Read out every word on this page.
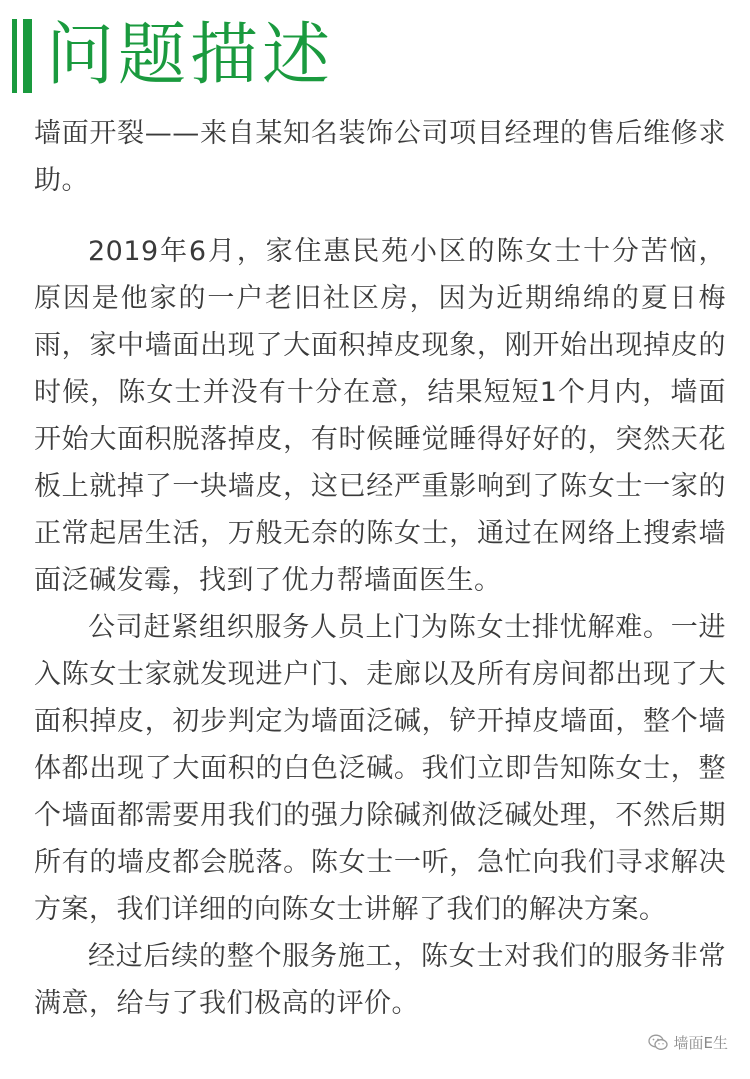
问题描述

墙面开裂——来自某知名装饰公司项目经理的售后维修求助。

2019年6月，家住惠民苑小区的陈女士十分苦恼，原因是他家的一户老旧社区房，因为近期绵绵的夏日梅雨，家中墙面出现了大面积掉皮现象，刚开始出现掉皮的时候，陈女士并没有十分在意，结果短短1个月内，墙面开始大面积脱落掉皮，有时候睡觉睡得好好的，突然天花板上就掉了一块墙皮，这已经严重影响到了陈女士一家的正常起居生活，万般无奈的陈女士，通过在网络上搜索墙面泛碱发霉，找到了优力帮墙面医生。

公司赶紧组织服务人员上门为陈女士排忧解难。一进入陈女士家就发现进户门、走廊以及所有房间都出现了大面积掉皮，初步判定为墙面泛碱，铲开掉皮墙面，整个墙体都出现了大面积的白色泛碱。我们立即告知陈女士，整个墙面都需要用我们的强力除碱剂做泛碱处理，不然后期所有的墙皮都会脱落。陈女士一听，急忙向我们寻求解决方案，我们详细的向陈女士讲解了我们的解决方案。

经过后续的整个服务施工，陈女士对我们的服务非常满意，给与了我们极高的评价。

墙面E生
